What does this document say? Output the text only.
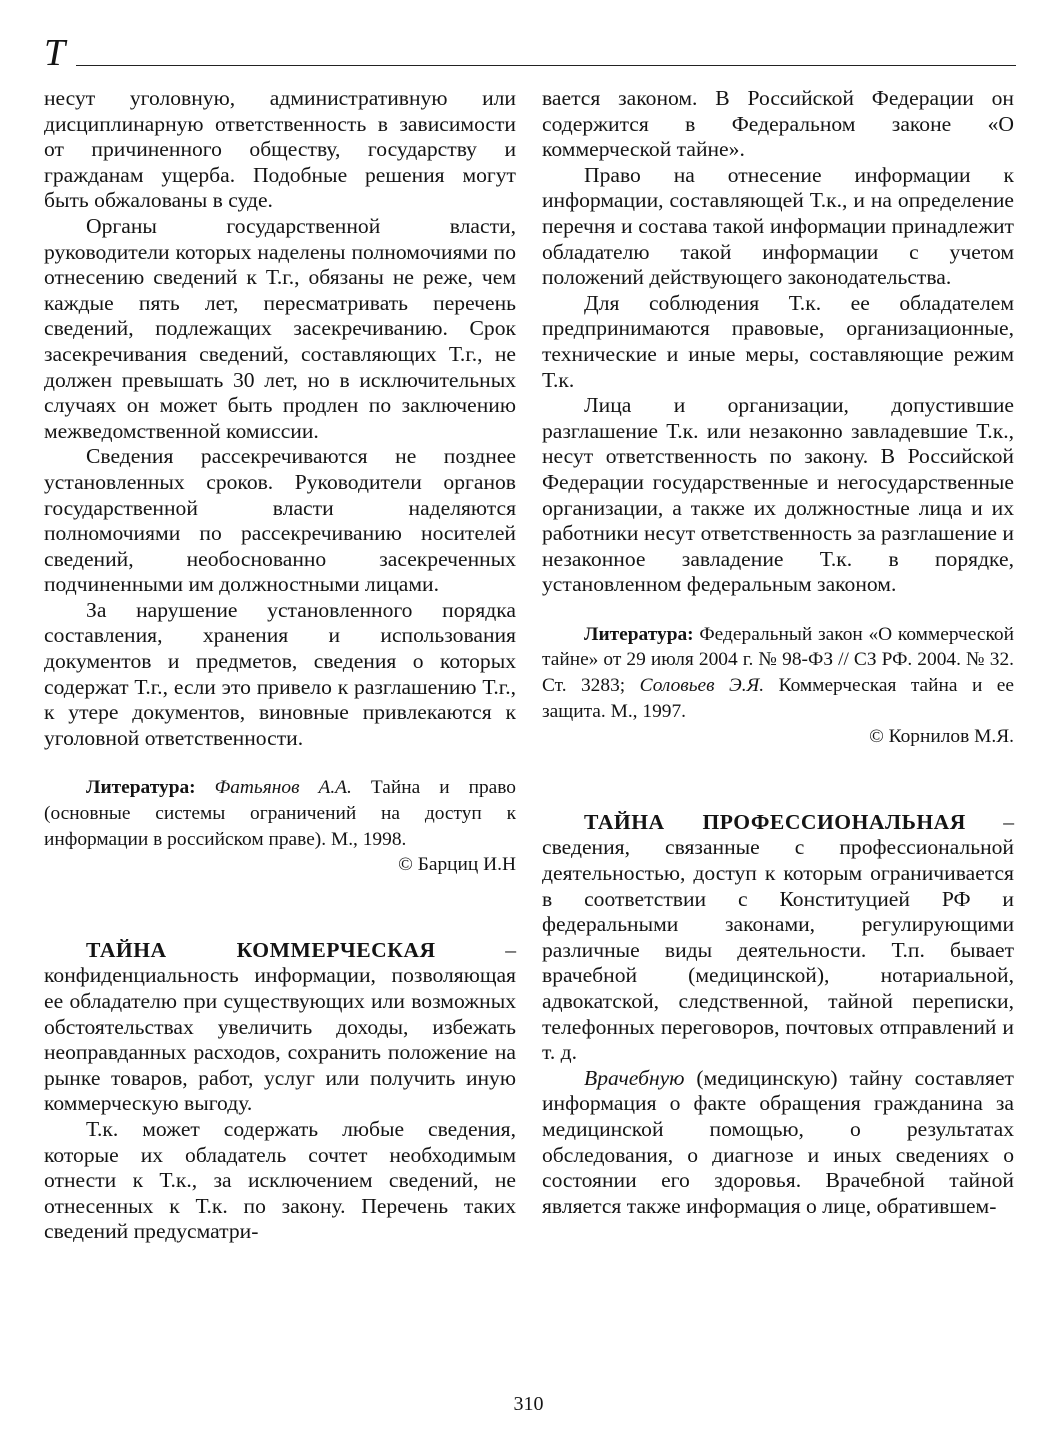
Т

несут уголовную, административную или дисциплинарную ответственность в зависимости от причиненного обществу, государству и гражданам ущерба. Подобные решения могут быть обжалованы в суде.

Органы государственной власти, руководители которых наделены полномочиями по отнесению сведений к Т.г., обязаны не реже, чем каждые пять лет, пересматривать перечень сведений, подлежащих засекречиванию. Срок засекречивания сведений, составляющих Т.г., не должен превышать 30 лет, но в исключительных случаях он может быть продлен по заключению межведомственной комиссии.

Сведения рассекречиваются не позднее установленных сроков. Руководители органов государственной власти наделяются полномочиями по рассекречиванию носителей сведений, необоснованно засекреченных подчиненными им должностными лицами.

За нарушение установленного порядка составления, хранения и использования документов и предметов, сведения о которых содержат Т.г., если это привело к разглашению Т.г., к утере документов, виновные привлекаются к уголовной ответственности.

Литература: Фатьянов А.А. Тайна и право (основные системы ограничений на доступ к информации в российском праве). М., 1998.

© Барциц И.Н

ТАЙНА КОММЕРЧЕСКАЯ – конфиденциальность информации, позволяющая ее обладателю при существующих или возможных обстоятельствах увеличить доходы, избежать неоправданных расходов, сохранить положение на рынке товаров, работ, услуг или получить иную коммерческую выгоду.

Т.к. может содержать любые сведения, которые их обладатель сочтет необходимым отнести к Т.к., за исключением сведений, не отнесенных к Т.к. по закону. Перечень таких сведений предусматри-

вается законом. В Российской Федерации он содержится в Федеральном законе «О коммерческой тайне».

Право на отнесение информации к информации, составляющей Т.к., и на определение перечня и состава такой информации принадлежит обладателю такой информации с учетом положений действующего законодательства.

Для соблюдения Т.к. ее обладателем предпринимаются правовые, организационные, технические и иные меры, составляющие режим Т.к.

Лица и организации, допустившие разглашение Т.к. или незаконно завладевшие Т.к., несут ответственность по закону. В Российской Федерации государственные и негосударственные организации, а также их должностные лица и их работники несут ответственность за разглашение и незаконное завладение Т.к. в порядке, установленном федеральным законом.

Литература: Федеральный закон «О коммерческой тайне» от 29 июля 2004 г. № 98-ФЗ // СЗ РФ. 2004. № 32. Ст. 3283; Соловьев Э.Я. Коммерческая тайна и ее защита. М., 1997.

© Корнилов М.Я.

ТАЙНА ПРОФЕССИОНАЛЬНАЯ – сведения, связанные с профессиональной деятельностью, доступ к которым ограничивается в соответствии с Конституцией РФ и федеральными законами, регулирующими различные виды деятельности. Т.п. бывает врачебной (медицинской), нотариальной, адвокатской, следственной, тайной переписки, телефонных переговоров, почтовых отправлений и т. д.

Врачебную (медицинскую) тайну составляет информация о факте обращения гражданина за медицинской помощью, о результатах обследования, о диагнозе и иных сведениях о состоянии его здоровья. Врачебной тайной является также информация о лице, обратившем-

310
